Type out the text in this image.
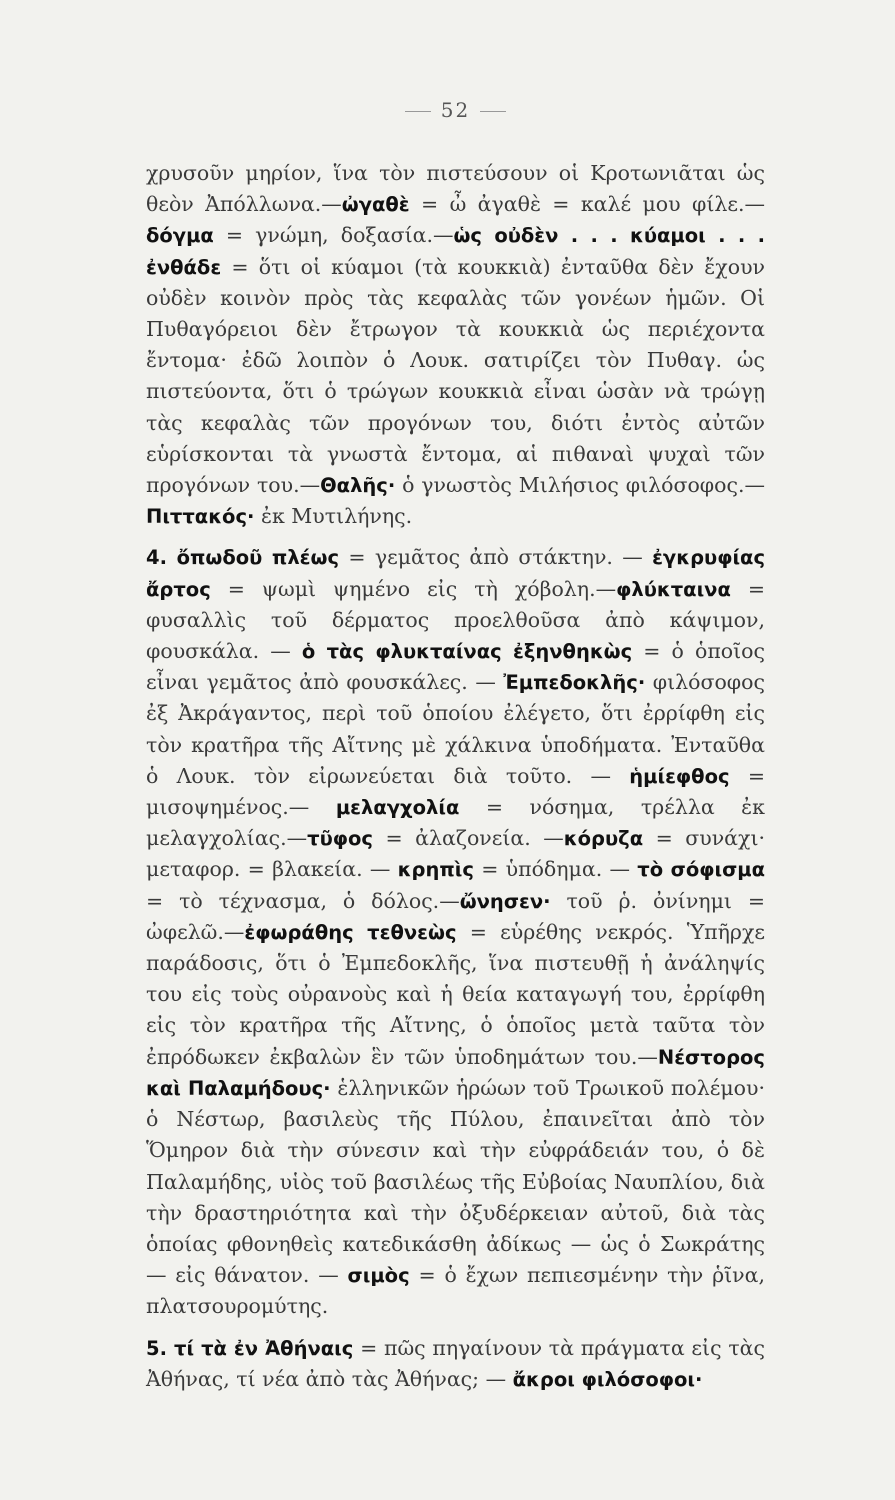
52

χρυσοῦν μηρίον, ἵνα τὸν πιστεύσουν οἱ Κροτωνιᾶται ὡς θεὸν Ἀπόλλωνα.—ὠγαθὲ = ὦ ἀγαθὲ = καλέ μου φίλε.—δόγμα = γνώμη, δοξασία.—ὡς οὐδὲν . . . κύαμοι . . . ἐνθάδε = ὅτι οἱ κύαμοι (τὰ κουκκιὰ) ἐνταῦθα δὲν ἔχουν οὐδὲν κοινὸν πρὸς τὰς κεφαλὰς τῶν γονέων ἡμῶν. Οἱ Πυθαγόρειοι δὲν ἔτρωγον τὰ κουκκιὰ ὡς περιέχοντα ἔντομα· ἐδῶ λοιπὸν ὁ Λουκ. σατιρίζει τὸν Πυθαγ. ὡς πιστεύοντα, ὅτι ὁ τρώγων κουκκιὰ εἶναι ὡσὰν νὰ τρώγῃ τὰς κεφαλὰς τῶν προγόνων του, διότι ἐντὸς αὐτῶν εὑρίσκονται τὰ γνωστὰ ἔντομα, αἱ πιθαναὶ ψυχαὶ τῶν προγόνων του.—Θαλῆς· ὁ γνωστὸς Μιλήσιος φιλόσοφος.—Πιττακός· ἐκ Μυτιλήνης.

4. ὄπωδοῦ πλέως = γεμᾶτος ἀπὸ στάκτην. — ἐγκρυφίας ἄρτος = ψωμὶ ψημένο εἰς τὴ χόβολη.—φλύκταινα = φυσαλλὶς τοῦ δέρματος προελθοῦσα ἀπὸ κάψιμον, φουσκάλα. — ὁ τὰς φλυκταίνας ἐξηνθηκὼς = ὁ ὁποῖος εἶναι γεμᾶτος ἀπὸ φουσκάλες. — Ἐμπεδοκλῆς· φιλόσοφος ἐξ Ἀκράγαντος, περὶ τοῦ ὁποίου ἐλέγετο, ὅτι ἐρρίφθη εἰς τὸν κρατῆρα τῆς Αἴτνης μὲ χάλκινα ὑποδήματα. Ἐνταῦθα ὁ Λουκ. τὸν εἰρωνεύεται διὰ τοῦτο. — ἡμίεφθος = μισοψημένος.— μελαγχολία = νόσημα, τρέλλα ἐκ μελαγχολίας.—τῦφος = ἀλαζονεία. —κόρυζα = συνάχι· μεταφορ. = βλακεία. — κρηπὶς = ὑπόδημα. — τὸ σόφισμα = τὸ τέχνασμα, ὁ δόλος.—ὤνησεν· τοῦ ῥ. ὀνίνημι = ὠφελῶ.—ἐφωράθης τεθνεὼς = εὑρέθης νεκρός. Ὑπῆρχε παράδοσις, ὅτι ὁ Ἐμπεδοκλῆς, ἵνα πιστευθῇ ἡ ἀνάληψίς του εἰς τοὺς οὐρανοὺς καὶ ἡ θεία καταγωγή του, ἐρρίφθη εἰς τὸν κρατῆρα τῆς Αἴτνης, ὁ ὁποῖος μετὰ ταῦτα τὸν ἐπρόδωκεν ἐκβαλὼν ἓν τῶν ὑποδημάτων του.—Νέστορος καὶ Παλαμήδους· ἑλληνικῶν ἡρώων τοῦ Τρωικοῦ πολέμου· ὁ Νέστωρ, βασιλεὺς τῆς Πύλου, ἐπαινεῖται ἀπὸ τὸν Ὅμηρον διὰ τὴν σύνεσιν καὶ τὴν εὐφράδειάν του, ὁ δὲ Παλαμήδης, υἱὸς τοῦ βασιλέως τῆς Εὐβοίας Ναυπλίου, διὰ τὴν δραστηριότητα καὶ τὴν ὀξυδέρκειαν αὐτοῦ, διὰ τὰς ὁποίας φθονηθεὶς κατεδικάσθη ἀδίκως — ὡς ὁ Σωκράτης — εἰς θάνατον. — σιμὸς = ὁ ἔχων πεπιεσμένην τὴν ῥῖνα, πλατσουρομύτης.

5. τί τὰ ἐν Ἀθήναις = πῶς πηγαίνουν τὰ πράγματα εἰς τὰς Ἀθήνας, τί νέα ἀπὸ τὰς Ἀθήνας; — ἄκροι φιλόσοφοι·
